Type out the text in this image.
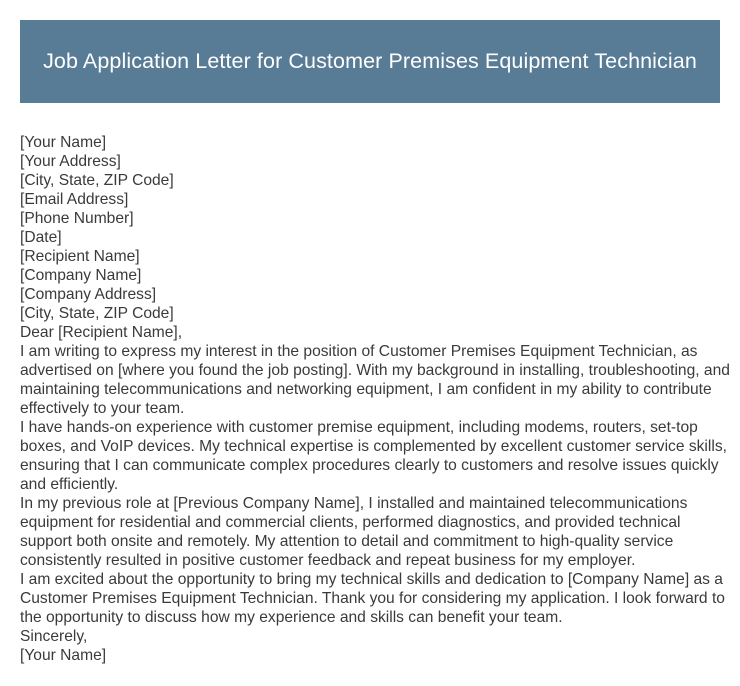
Job Application Letter for Customer Premises Equipment Technician
[Your Name]
[Your Address]
[City, State, ZIP Code]
[Email Address]
[Phone Number]
[Date]
[Recipient Name]
[Company Name]
[Company Address]
[City, State, ZIP Code]
Dear [Recipient Name],

I am writing to express my interest in the position of Customer Premises Equipment Technician, as advertised on [where you found the job posting]. With my background in installing, troubleshooting, and maintaining telecommunications and networking equipment, I am confident in my ability to contribute effectively to your team.

I have hands-on experience with customer premise equipment, including modems, routers, set-top boxes, and VoIP devices. My technical expertise is complemented by excellent customer service skills, ensuring that I can communicate complex procedures clearly to customers and resolve issues quickly and efficiently.

In my previous role at [Previous Company Name], I installed and maintained telecommunications equipment for residential and commercial clients, performed diagnostics, and provided technical support both onsite and remotely. My attention to detail and commitment to high-quality service consistently resulted in positive customer feedback and repeat business for my employer.

I am excited about the opportunity to bring my technical skills and dedication to [Company Name] as a Customer Premises Equipment Technician. Thank you for considering my application. I look forward to the opportunity to discuss how my experience and skills can benefit your team.

Sincerely,
[Your Name]
